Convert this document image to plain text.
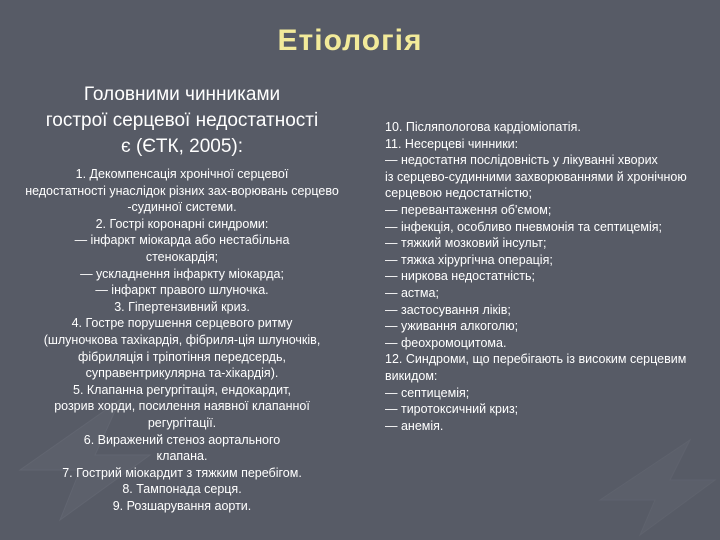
Етіологія
Головними чинниками
гострої серцевої недостатності
є (ЄТК, 2005):
1. Декомпенсація хронічної серцевої
недостатності унаслідок різних зах-ворювань серцево
-судинної системи.
2. Гострі коронарні синдроми:
— інфаркт міокарда або нестабільна
стенокардія;
— ускладнення інфаркту міокарда;
— інфаркт правого шлуночка.
3. Гіпертензивний криз.
4. Гостре порушення серцевого ритму
(шлуночкова тахікардія, фібриля-ція шлуночків,
фібриляція і тріпотіння передсердь,
суправентрикулярна та-хікардія).
5. Клапанна регургітація, ендокардит,
розрив хорди, посилення наявної клапанної
регургітації.
6. Виражений стеноз аортального
клапана.
7. Гострий міокардит з тяжким перебігом.
8. Тампонада серця.
9. Розшарування аорти.
10. Післяпологова кардіоміопатія.
11. Несерцеві чинники:
— недостатня послідовність у лікуванні хворих
із серцево-судинними захворюваннями й хронічною
серцевою недостатністю;
— перевантаження об'ємом;
— інфекція, особливо пневмонія та септицемія;
— тяжкий мозковий інсульт;
— тяжка хірургічна операція;
— ниркова недостатність;
— астма;
— застосування ліків;
— уживання алкоголю;
— феохромоцитома.
12. Синдроми, що перебігають із високим серцевим
викидом:
— септицемія;
— тиротоксичний криз;
— анемія.
